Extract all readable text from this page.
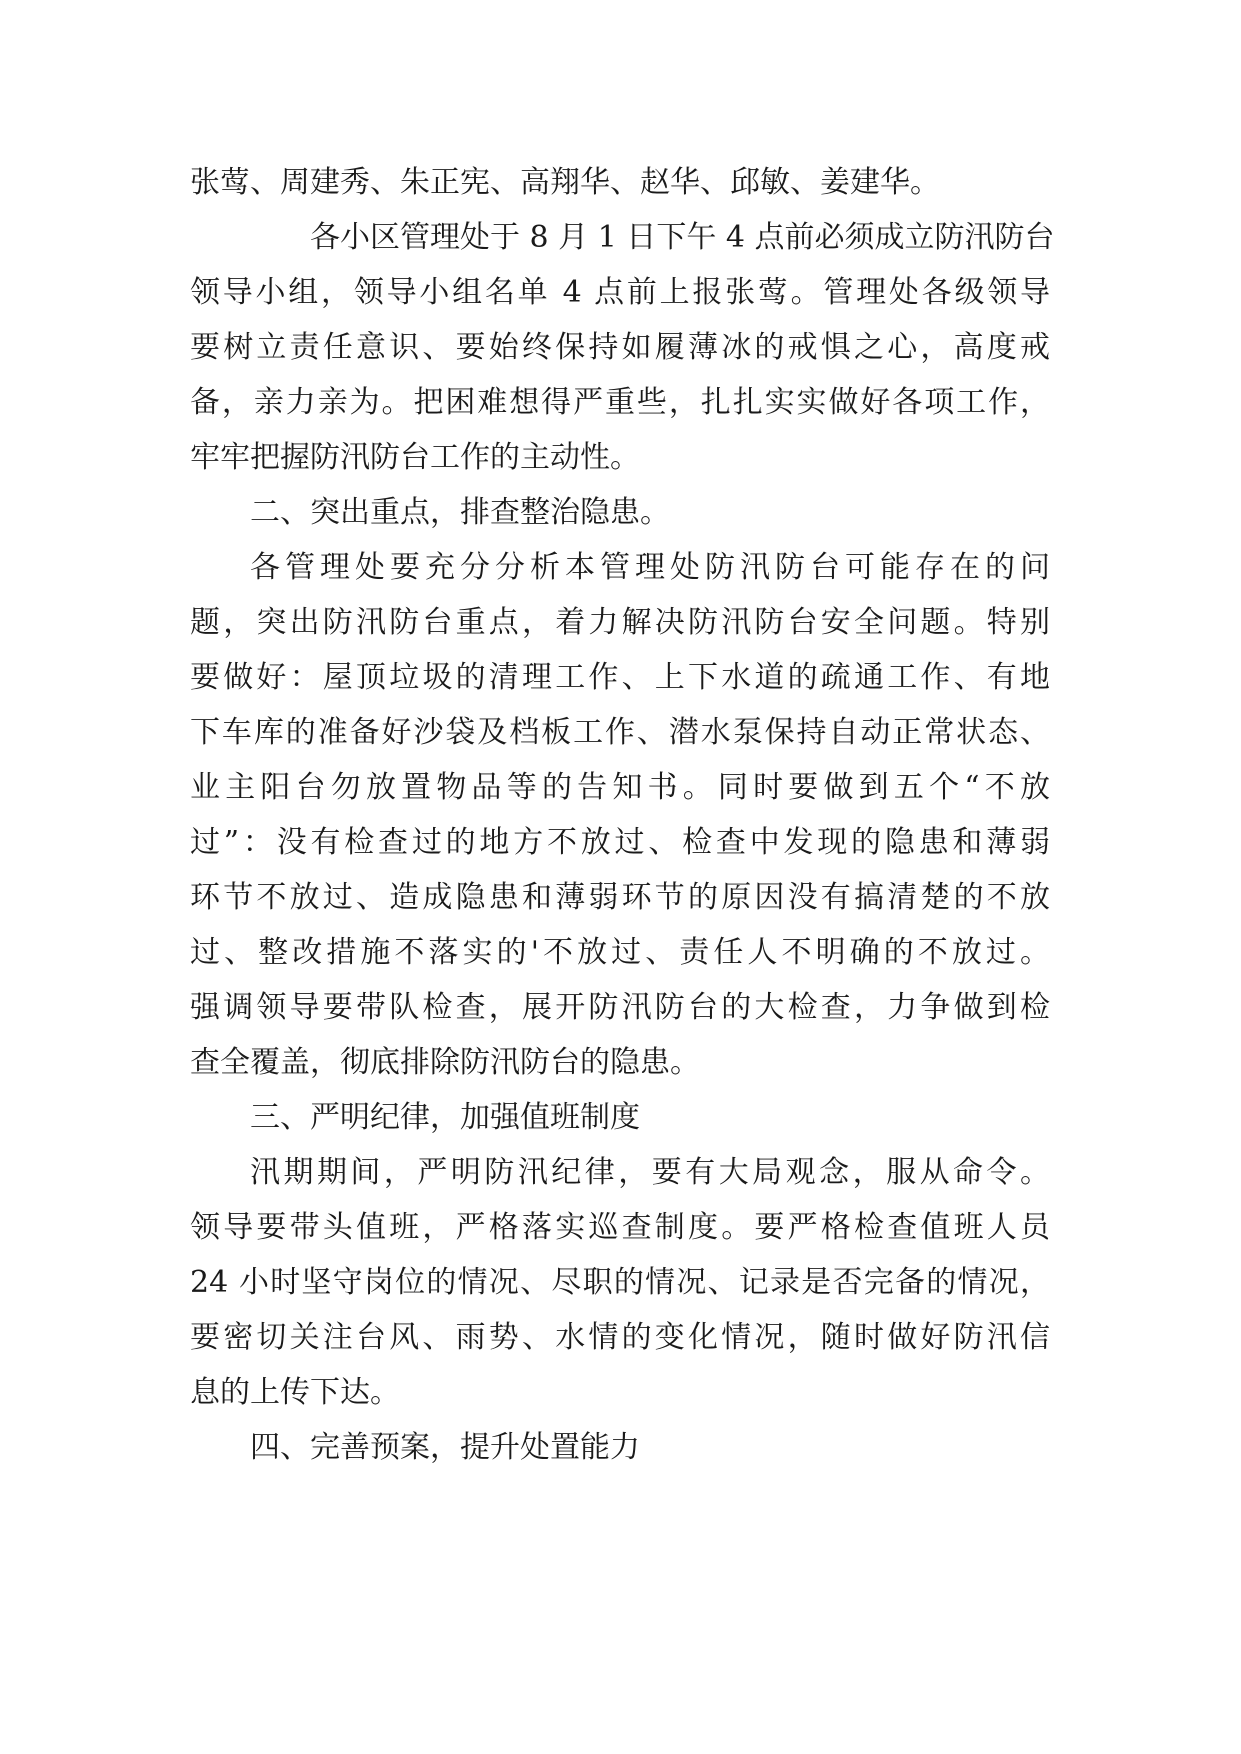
张莺、周建秀、朱正宪、高翔华、赵华、邱敏、姜建华。
各小区管理处于 8 月 1 日下午 4 点前必须成立防汛防台
领导小组，领导小组名单 4 点前上报张莺。管理处各级领导
要树立责任意识、要始终保持如履薄冰的戒惧之心，高度戒
备，亲力亲为。把困难想得严重些，扎扎实实做好各项工作，
牢牢把握防汛防台工作的主动性。
二、突出重点，排查整治隐患。
各管理处要充分分析本管理处防汛防台可能存在的问
题，突出防汛防台重点，着力解决防汛防台安全问题。特别
要做好：屋顶垃圾的清理工作、上下水道的疏通工作、有地
下车库的准备好沙袋及档板工作、潜水泵保持自动正常状态、
业主阳台勿放置物品等的告知书。同时要做到五个“不放
过”：没有检查过的地方不放过、检查中发现的隐患和薄弱
环节不放过、造成隐患和薄弱环节的原因没有搞清楚的不放
过、整改措施不落实的'不放过、责任人不明确的不放过。
强调领导要带队检查，展开防汛防台的大检查，力争做到检
查全覆盖，彻底排除防汛防台的隐患。
三、严明纪律，加强值班制度
汛期期间，严明防汛纪律，要有大局观念，服从命令。
领导要带头值班，严格落实巡查制度。要严格检查值班人员
24 小时坚守岗位的情况、尽职的情况、记录是否完备的情况，
要密切关注台风、雨势、水情的变化情况，随时做好防汛信
息的上传下达。
四、完善预案，提升处置能力
